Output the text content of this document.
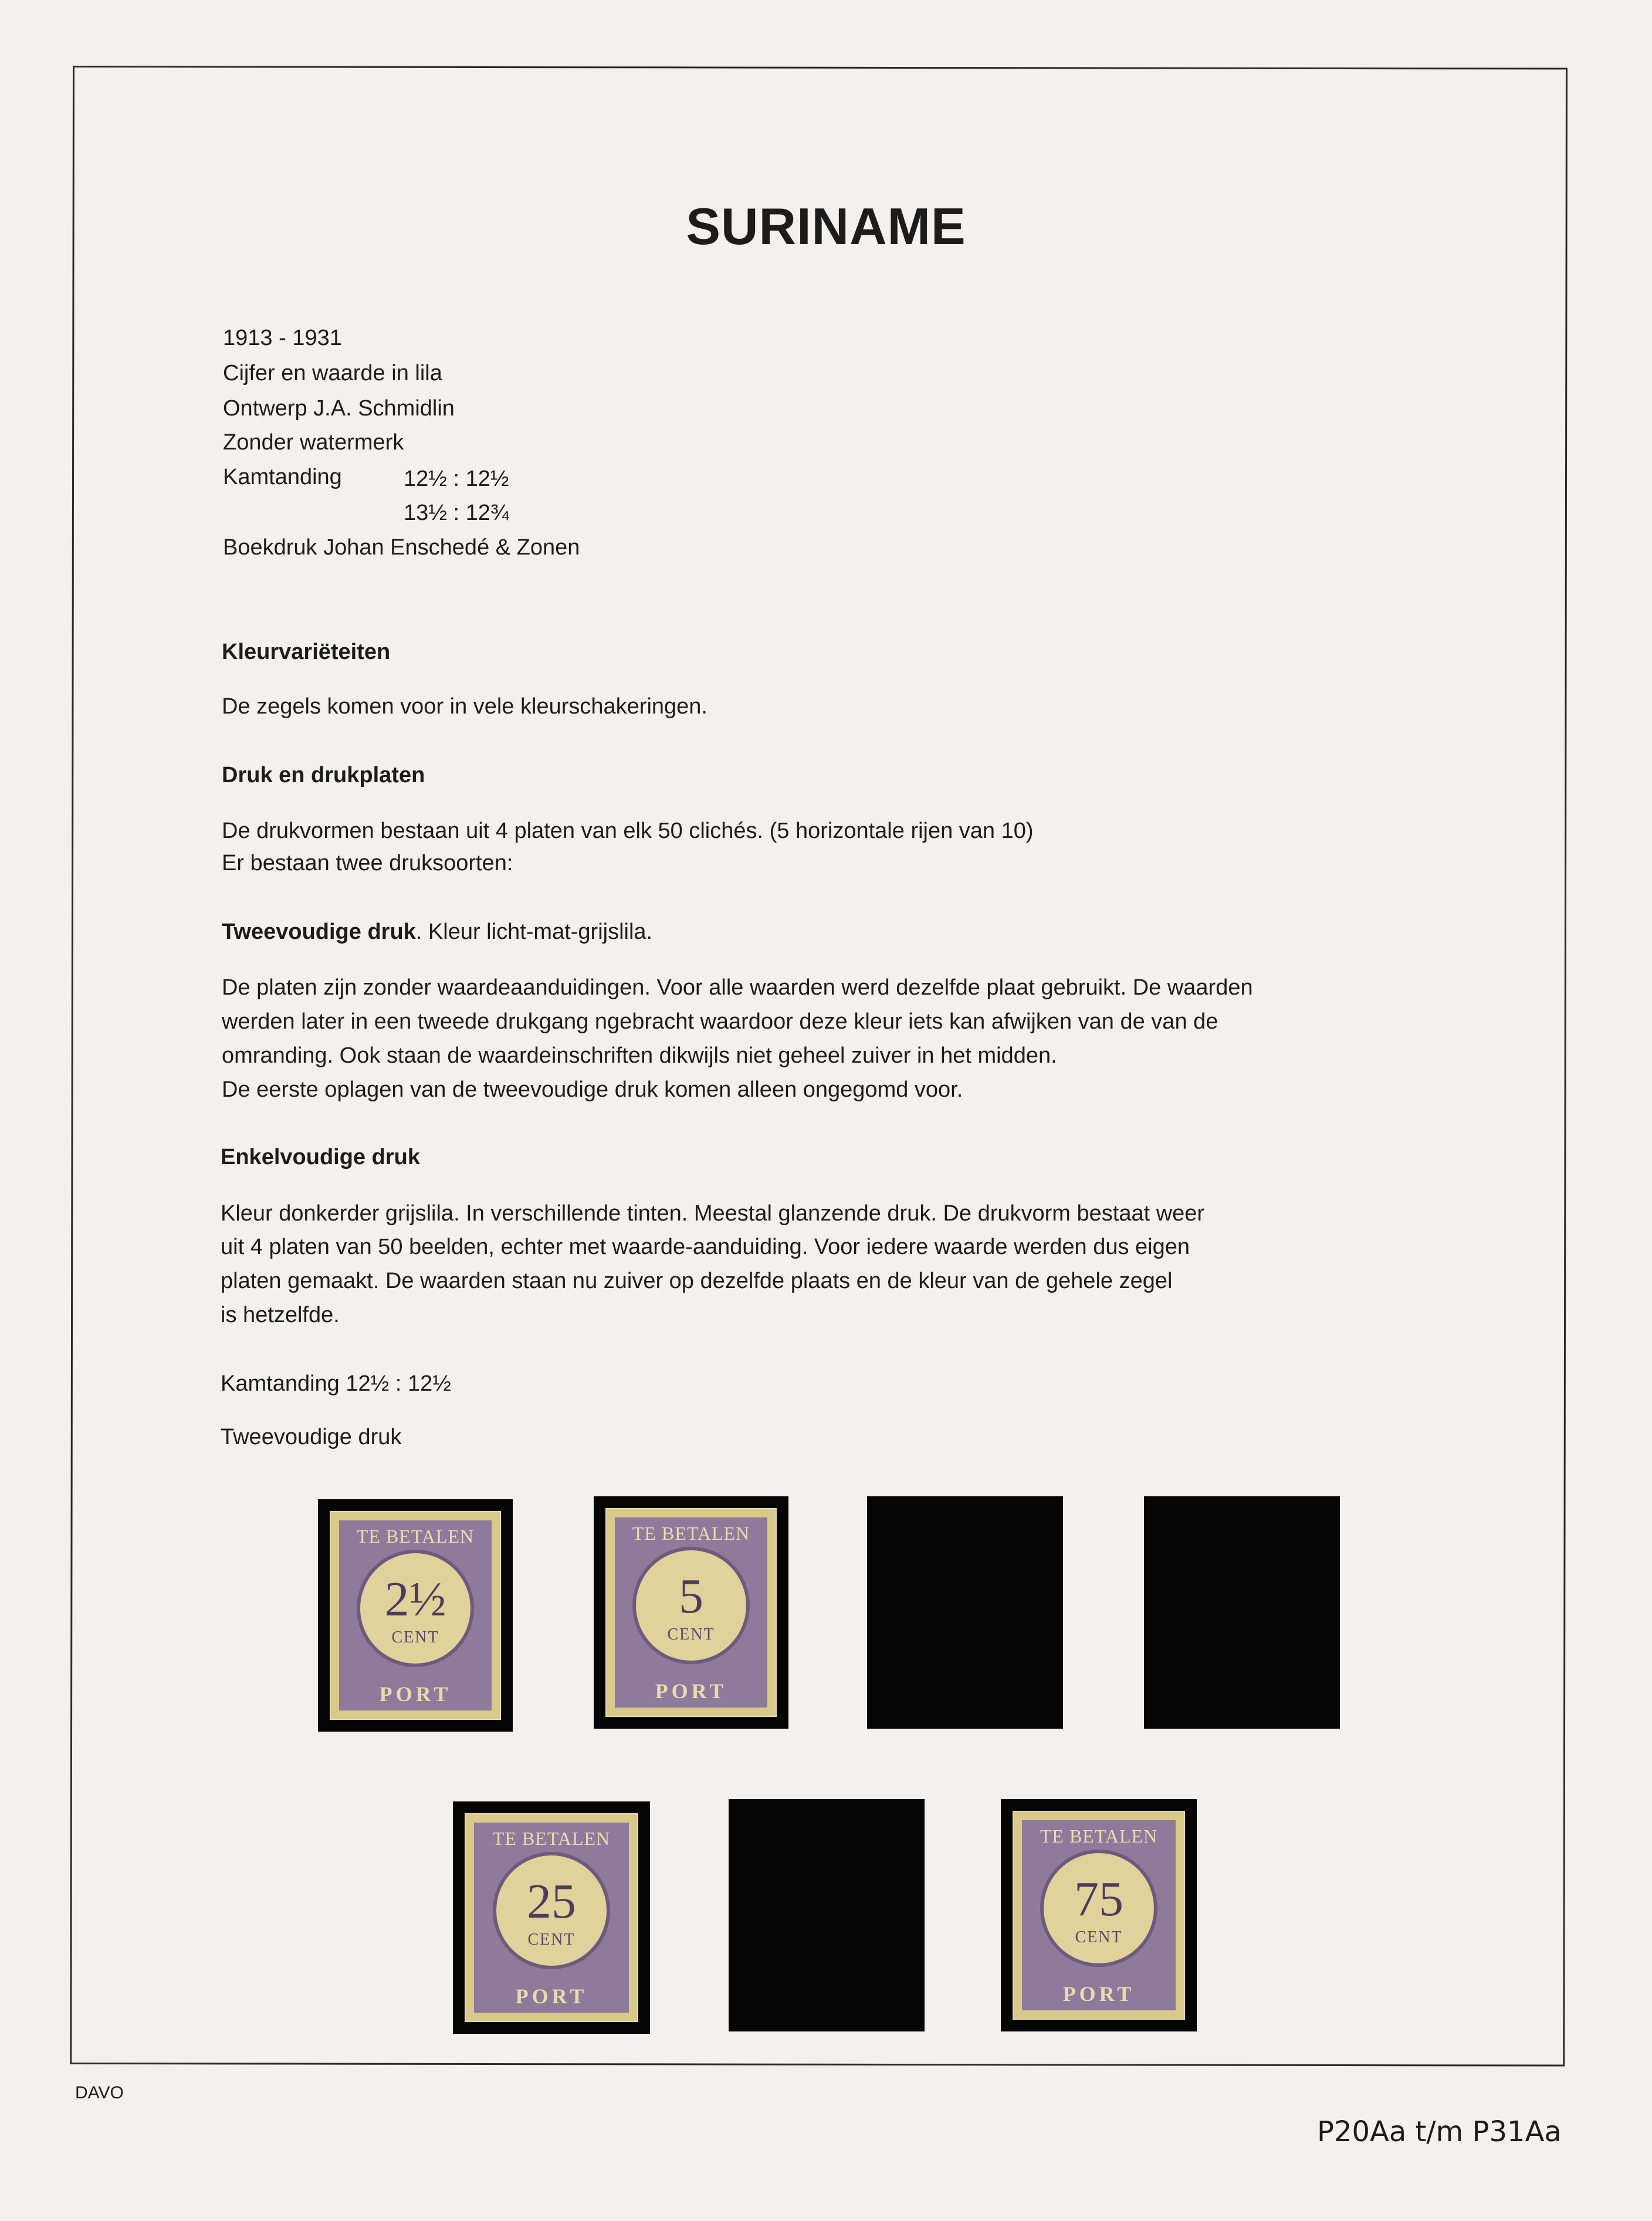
SURINAME

1913 - 1931

Cijfer en waarde in lila

Ontwerp J.A. Schmidlin

Zonder watermerk

Kamtanding	12½ : 12½

13½ : 12¾

Boekdruk Johan Enschedé & Zonen

Kleurvariëteiten

De zegels komen voor in vele kleurschakeringen.

Druk en drukplaten

De drukvormen bestaan uit 4 platen van elk 50 clichés. (5 horizontale rijen van 10)

Er bestaan twee druksoorten:

Tweevoudige druk. Kleur licht-mat-grijslila.

De platen zijn zonder waardeaanduidingen. Voor alle waarden werd dezelfde plaat gebruikt. De waarden

werden later in een tweede drukgang ngebracht waardoor deze kleur iets kan afwijken van de van de

omranding. Ook staan de waardeinschriften dikwijls niet geheel zuiver in het midden.

De eerste oplagen van de tweevoudige druk komen alleen ongegomd voor.

Enkelvoudige druk

Kleur donkerder grijslila. In verschillende tinten. Meestal glanzende druk. De drukvorm bestaat weer

uit 4 platen van 50 beelden, echter met waarde-aanduiding. Voor iedere waarde werden dus eigen

platen gemaakt. De waarden staan nu zuiver op dezelfde plaats en de kleur van de gehele zegel

is hetzelfde.

Kamtanding 12½ : 12½

Tweevoudige druk

TE BETALEN
2½
CENT
PORT
TE BETALEN
5
CENT
PORT
TE BETALEN
25
CENT
PORT
TE BETALEN
75
CENT
PORT
DAVO
P20Aa t/m P31Aa
